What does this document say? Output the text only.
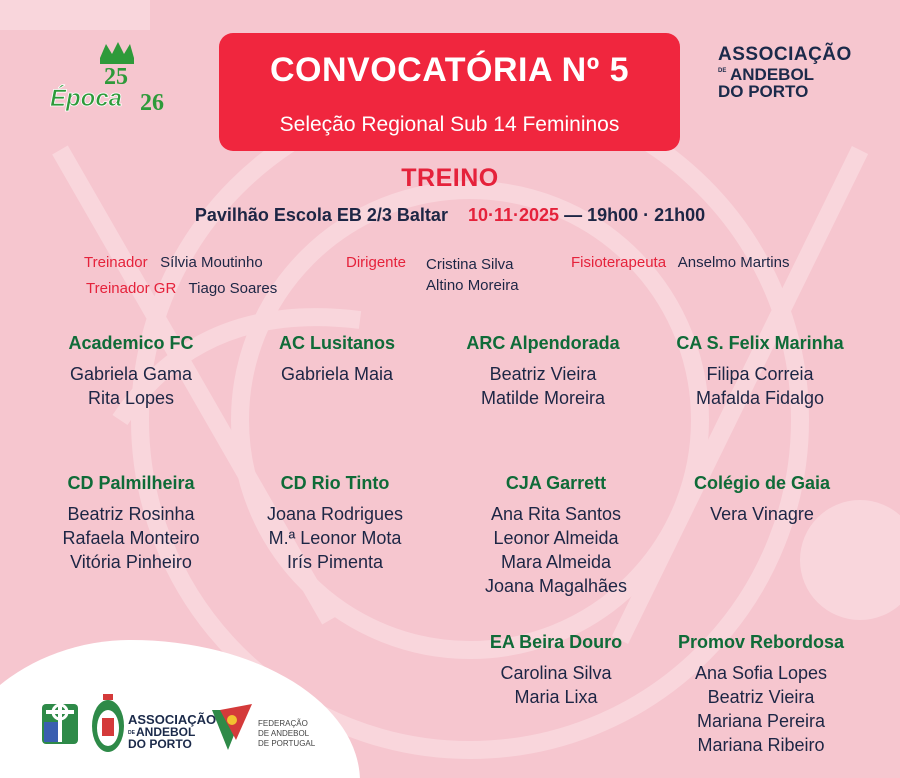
25
26
Época
ASSOCIAÇÃO
DE ANDEBOL
DO PORTO
CONVOCATÓRIA Nº 5
Seleção Regional Sub 14 Femininos
TREINO
Pavilhão Escola EB 2/3 Baltar 10·11·2025 — 19h00 · 21h00
Treinador Sílvia Moutinho
Treinador GR Tiago Soares
Dirigente Cristina Silva
Altino Moreira
Fisioterapeuta Anselmo Martins
Academico FC
Gabriela Gama
Rita Lopes
AC Lusitanos
Gabriela Maia
ARC Alpendorada
Beatriz Vieira
Matilde Moreira
CA S. Felix Marinha
Filipa Correia
Mafalda Fidalgo
CD Palmilheira
Beatriz Rosinha
Rafaela Monteiro
Vitória Pinheiro
CD Rio Tinto
Joana Rodrigues
M.ª Leonor Mota
Irís Pimenta
CJA Garrett
Ana Rita Santos
Leonor Almeida
Mara Almeida
Joana Magalhães
Colégio de Gaia
Vera Vinagre
EA Beira Douro
Carolina Silva
Maria Lixa
Promov Rebordosa
Ana Sofia Lopes
Beatriz Vieira
Mariana Pereira
Mariana Ribeiro
ASSOCIAÇÃO
DE ANDEBOL
DO PORTO
FEDERAÇÃO
DE ANDEBOL
DE PORTUGAL
